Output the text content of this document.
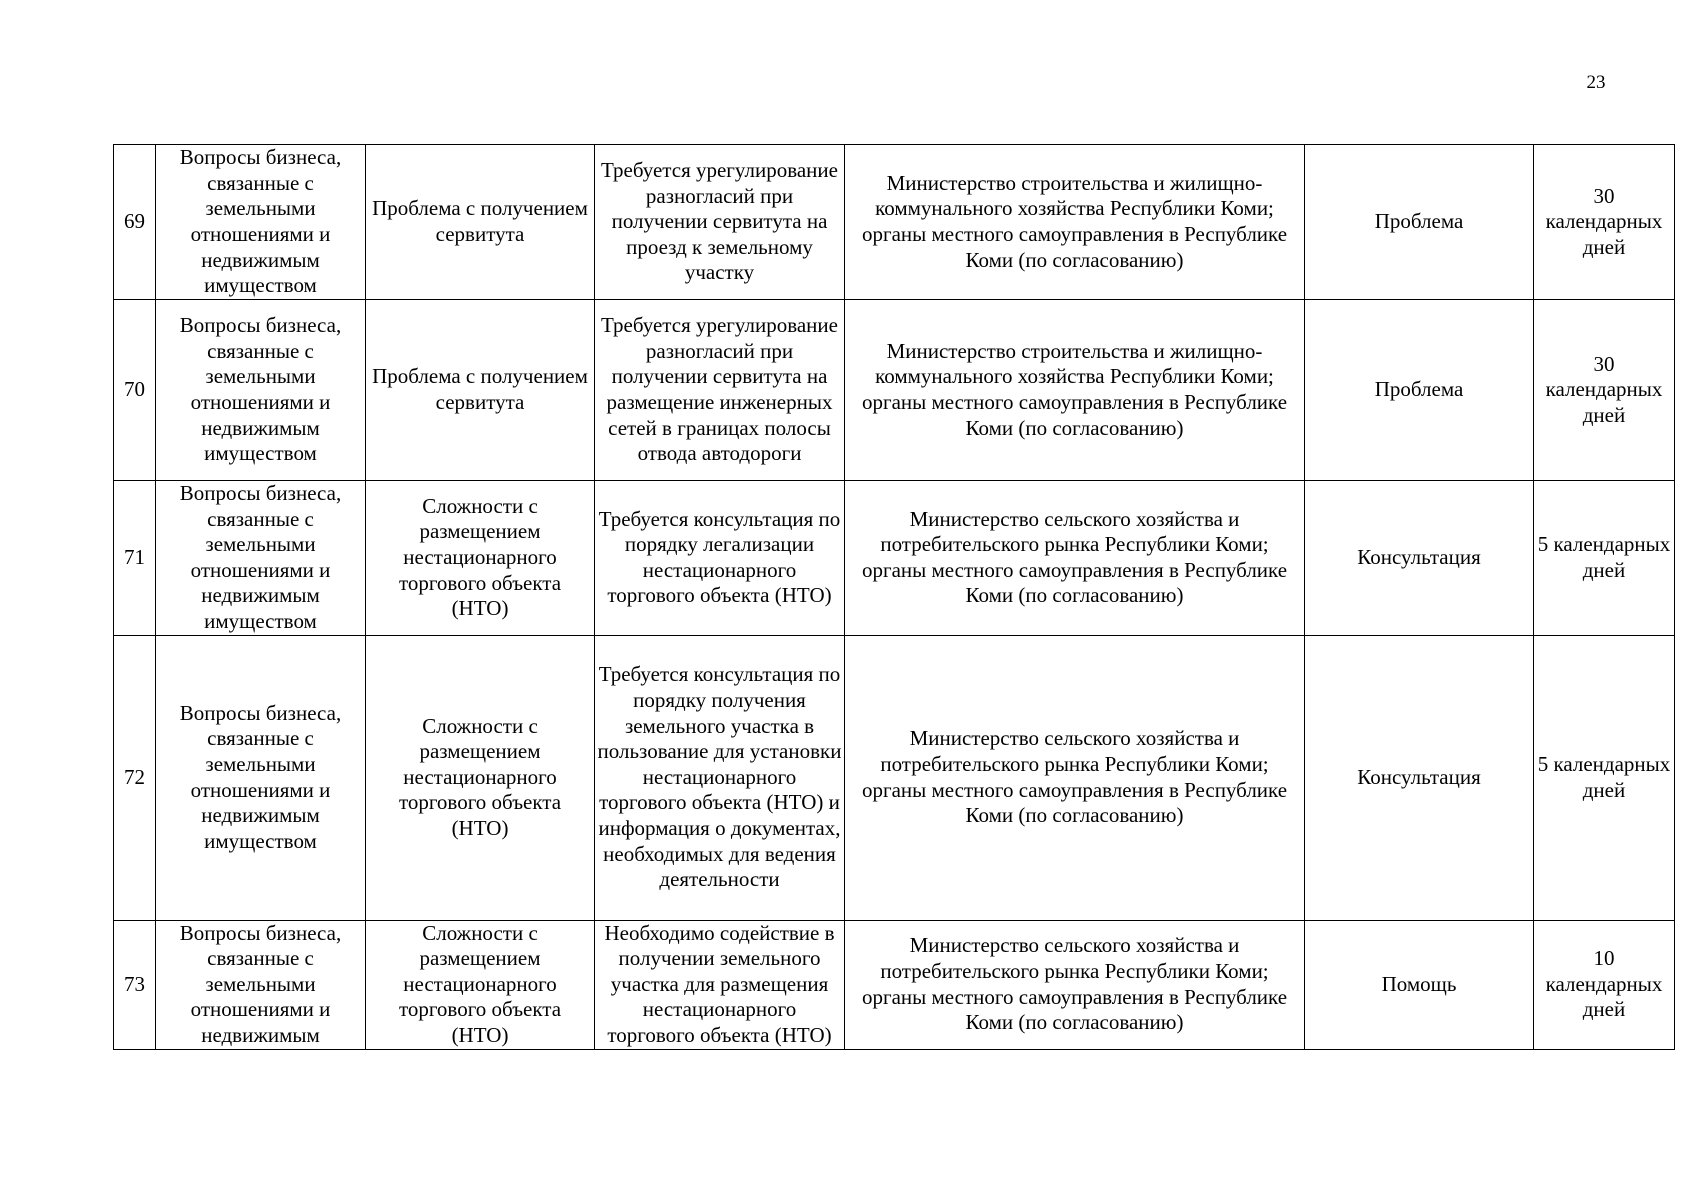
23
69	Вопросы бизнеса, связанные с земельными отношениями и недвижимым имуществом	Проблема с получением сервитута	Требуется урегулирование разногласий при получении сервитута на проезд к земельному участку	Министерство строительства и жилищно-коммунального хозяйства Республики Коми; органы местного самоуправления в Республике Коми (по согласованию)	Проблема	30 календарных дней
70	Вопросы бизнеса, связанные с земельными отношениями и недвижимым имуществом	Проблема с получением сервитута	Требуется урегулирование разногласий при получении сервитута на размещение инженерных сетей в границах полосы отвода автодороги	Министерство строительства и жилищно-коммунального хозяйства Республики Коми; органы местного самоуправления в Республике Коми (по согласованию)	Проблема	30 календарных дней
71	Вопросы бизнеса, связанные с земельными отношениями и недвижимым имуществом	Сложности с размещением нестационарного торгового объекта (НТО)	Требуется консультация по порядку легализации нестационарного торгового объекта (НТО)	Министерство сельского хозяйства и потребительского рынка Республики Коми; органы местного самоуправления в Республике Коми (по согласованию)	Консультация	5 календарных дней
72	Вопросы бизнеса, связанные с земельными отношениями и недвижимым имуществом	Сложности с размещением нестационарного торгового объекта (НТО)	Требуется консультация по порядку получения земельного участка в пользование для установки нестационарного торгового объекта (НТО) и информация о документах, необходимых для ведения деятельности	Министерство сельского хозяйства и потребительского рынка Республики Коми; органы местного самоуправления в Республике Коми (по согласованию)	Консультация	5 календарных дней
73	Вопросы бизнеса, связанные с земельными отношениями и недвижимым	Сложности с размещением нестационарного торгового объекта (НТО)	Необходимо содействие в получении земельного участка для размещения нестационарного торгового объекта (НТО)	Министерство сельского хозяйства и потребительского рынка Республики Коми; органы местного самоуправления в Республике Коми (по согласованию)	Помощь	10 календарных дней
